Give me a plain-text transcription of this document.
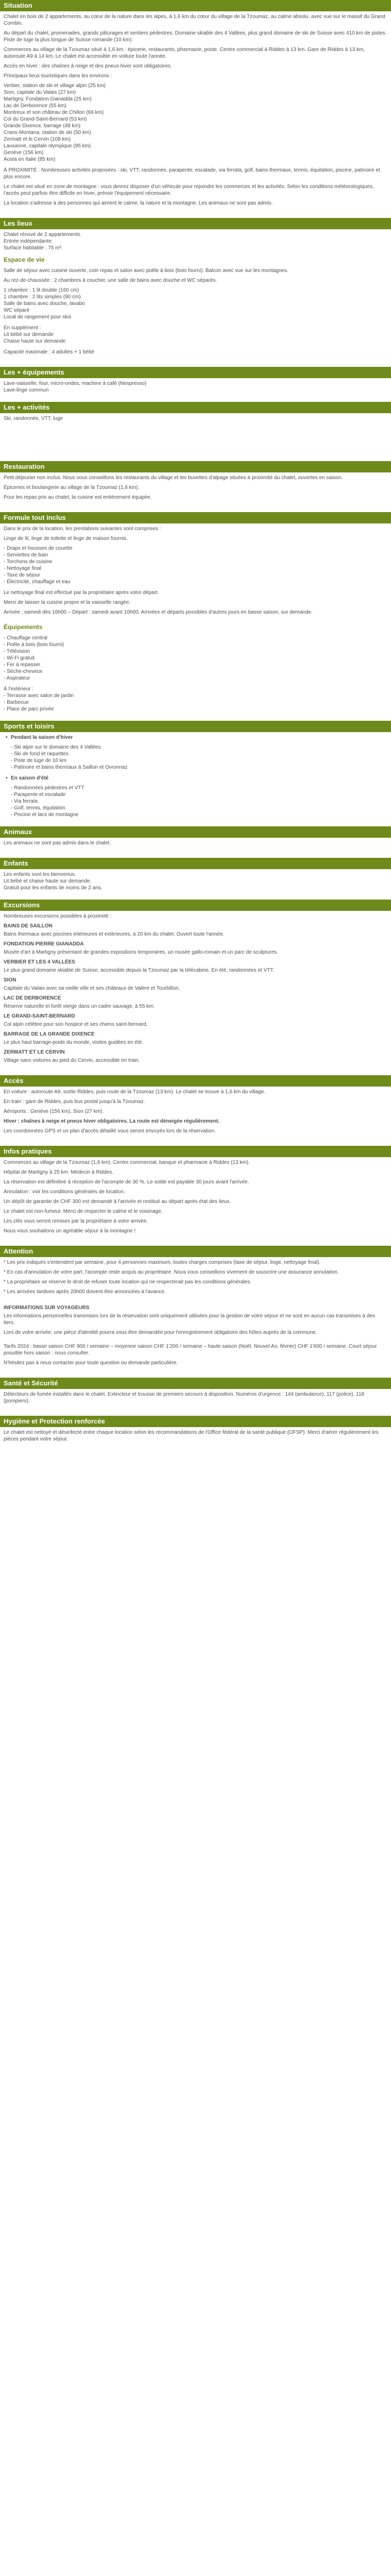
Situation

Chalet en bois de 2 appartements, au cœur de la nature dans les alpes, à 1,6 km du cœur du village de la Tzoumaz, au calme absolu, avec vue sur le massif du Grand Combin.

Au départ du chalet, promenades, grands pâturages et sentiers pédestres. Domaine skiable des 4 Vallées, plus grand domaine de ski de Suisse avec 410 km de pistes. Piste de luge la plus longue de Suisse romande (10 km).

Commerces au village de la Tzoumaz situé à 1,6 km : épicerie, restaurants, pharmacie, poste. Centre commercial à Riddes à 13 km. Gare de Riddes à 13 km, autoroute A9 à 14 km. Le chalet est accessible en voiture toute l'année.

Accès en hiver : des chaînes à neige et des pneus hiver sont obligatoires.

Principaux lieux touristiques dans les environs :

Verbier, station de ski et village alpin (25 km)
Sion, capitale du Valais (27 km)
Martigny, Fondation Gianadda (25 km)
Lac de Derborence (55 km)
Montreux et son château de Chillon (66 km)
Col du Grand-Saint-Bernard (53 km)
Grande Dixence, barrage (48 km)
Crans-Montana, station de ski (50 km)
Zermatt et le Cervin (108 km)
Lausanne, capitale olympique (95 km)
Genève (156 km)
Aosta en Italie (85 km)

À PROXIMITÉ : Nombreuses activités proposées : ski, VTT, randonnée, parapente, escalade, via ferrata, golf, bains thermaux, tennis, équitation, piscine, patinoire et plus encore.

Le chalet est situé en zone de montagne : vous devrez disposer d'un véhicule pour rejoindre les commerces et les activités. Selon les conditions météorologiques, l'accès peut parfois être difficile en hiver, prévoir l'équipement nécessaire.

La location s'adresse à des personnes qui aiment le calme, la nature et la montagne. Les animaux ne sont pas admis.

Les lieux
Chalet rénové de 2 appartements.
Entrée indépendante.
Surface habitable : 75 m².
Espace de vie

Salle de séjour avec cuisine ouverte, coin repas et salon avec poêle à bois (bois fourni). Balcon avec vue sur les montagnes.

Au rez-de-chaussée : 2 chambres à coucher, une salle de bains avec douche et WC séparés.

1 chambre : 1 lit double (160 cm)
1 chambre : 2 lits simples (90 cm)
Salle de bains avec douche, lavabo
WC séparé
Local de rangement pour skis
En supplément :
Lit bébé sur demande
Chaise haute sur demande

Capacité maximale : 4 adultes + 1 bébé

Les + équipements
Lave-vaisselle, four, micro-ondes, machine à café (Nespresso)
Lave-linge commun
Les + activités
Ski, randonnée, VTT, luge
Restauration

Petit déjeuner non inclus. Nous vous conseillons les restaurants du village et les buvettes d'alpage situées à proximité du chalet, ouvertes en saison.

Épiceries et boulangerie au village de la Tzoumaz (1,6 km).

Pour les repas pris au chalet, la cuisine est entièrement équipée.

Formule tout inclus

Dans le prix de la location, les prestations suivantes sont comprises :

Linge de lit, linge de toilette et linge de maison fournis.

- Draps et housses de couette
- Serviettes de bain
- Torchons de cuisine
- Nettoyage final
- Taxe de séjour
- Électricité, chauffage et eau

Le nettoyage final est effectué par la propriétaire après votre départ.

Merci de laisser la cuisine propre et la vaisselle rangée.

Arrivée : samedi dès 16h00 – Départ : samedi avant 10h00. Arrivées et départs possibles d'autres jours en basse saison, sur demande.

Équipements
- Chauffage central
- Poêle à bois (bois fourni)
- Télévision
- Wi-Fi gratuit
- Fer à repasser
- Sèche-cheveux
- Aspirateur
À l'extérieur :
- Terrasse avec salon de jardin
- Barbecue
- Place de parc privée
Sports et loisirs
• Pendant la saison d'hiver
- Ski alpin sur le domaine des 4 Vallées
- Ski de fond et raquettes
- Piste de luge de 10 km
- Patinoire et bains thermaux à Saillon et Ovronnaz
• En saison d'été
- Randonnées pédestres et VTT
- Parapente et escalade
- Via ferrata
- Golf, tennis, équitation
- Piscine et lacs de montagne
Animaux

Les animaux ne sont pas admis dans le chalet.

Enfants
Les enfants sont les bienvenus.
Lit bébé et chaise haute sur demande.
Gratuit pour les enfants de moins de 2 ans.
Excursions

Nombreuses excursions possibles à proximité :

BAINS DE SAILLON

Bains thermaux avec piscines intérieures et extérieures, à 20 km du chalet. Ouvert toute l'année.

FONDATION PIERRE GIANADDA

Musée d'art à Martigny présentant de grandes expositions temporaires, un musée gallo-romain et un parc de sculptures.

VERBIER ET LES 4 VALLÉES

Le plus grand domaine skiable de Suisse, accessible depuis la Tzoumaz par la télécabine. En été, randonnées et VTT.

SION

Capitale du Valais avec sa vieille ville et ses châteaux de Valère et Tourbillon.

LAC DE DERBORENCE

Réserve naturelle et forêt vierge dans un cadre sauvage, à 55 km.

LE GRAND-SAINT-BERNARD

Col alpin célèbre pour son hospice et ses chiens saint-bernard.

BARRAGE DE LA GRANDE DIXENCE

Le plus haut barrage-poids du monde, visites guidées en été.

ZERMATT ET LE CERVIN

Village sans voitures au pied du Cervin, accessible en train.

Accès

En voiture : autoroute A9, sortie Riddes, puis route de la Tzoumaz (13 km). Le chalet se trouve à 1,6 km du village.

En train : gare de Riddes, puis bus postal jusqu'à la Tzoumaz.

Aéroports : Genève (156 km), Sion (27 km).

Hiver : chaînes à neige et pneus hiver obligatoires. La route est déneigée régulièrement.

Les coordonnées GPS et un plan d'accès détaillé vous seront envoyés lors de la réservation.

Infos pratiques

Commerces au village de la Tzoumaz (1,6 km). Centre commercial, banque et pharmacie à Riddes (13 km).

Hôpital de Martigny à 25 km. Médecin à Riddes.

La réservation est définitive à réception de l'acompte de 30 %. Le solde est payable 30 jours avant l'arrivée.

Annulation : voir les conditions générales de location.

Un dépôt de garantie de CHF 300 est demandé à l'arrivée et restitué au départ après état des lieux.

Le chalet est non-fumeur. Merci de respecter le calme et le voisinage.

Les clés vous seront remises par la propriétaire à votre arrivée.

Nous vous souhaitons un agréable séjour à la montagne !

Attention

* Les prix indiqués s'entendent par semaine, pour 4 personnes maximum, toutes charges comprises (taxe de séjour, linge, nettoyage final).

* En cas d'annulation de votre part, l'acompte reste acquis au propriétaire. Nous vous conseillons vivement de souscrire une assurance annulation.

* La propriétaire se réserve le droit de refuser toute location qui ne respecterait pas les conditions générales.

* Les arrivées tardives après 20h00 doivent être annoncées à l'avance.

INFORMATIONS SUR VOYAGEURS

Les informations personnelles transmises lors de la réservation sont uniquement utilisées pour la gestion de votre séjour et ne sont en aucun cas transmises à des tiers.

Lors de votre arrivée, une pièce d'identité pourra vous être demandée pour l'enregistrement obligatoire des hôtes auprès de la commune.

Tarifs 2024 : basse saison CHF 900 / semaine – moyenne saison CHF 1'200 / semaine – haute saison (Noël, Nouvel An, février) CHF 1'600 / semaine. Court séjour possible hors saison : nous consulter.

N'hésitez pas à nous contacter pour toute question ou demande particulière.

Santé et Sécurité

Détecteurs de fumée installés dans le chalet. Extincteur et trousse de premiers secours à disposition. Numéros d'urgence : 144 (ambulance), 117 (police), 118 (pompiers).

Hygiène et Protection renforcée

Le chalet est nettoyé et désinfecté entre chaque location selon les recommandations de l'Office fédéral de la santé publique (OFSP). Merci d'aérer régulièrement les pièces pendant votre séjour.
